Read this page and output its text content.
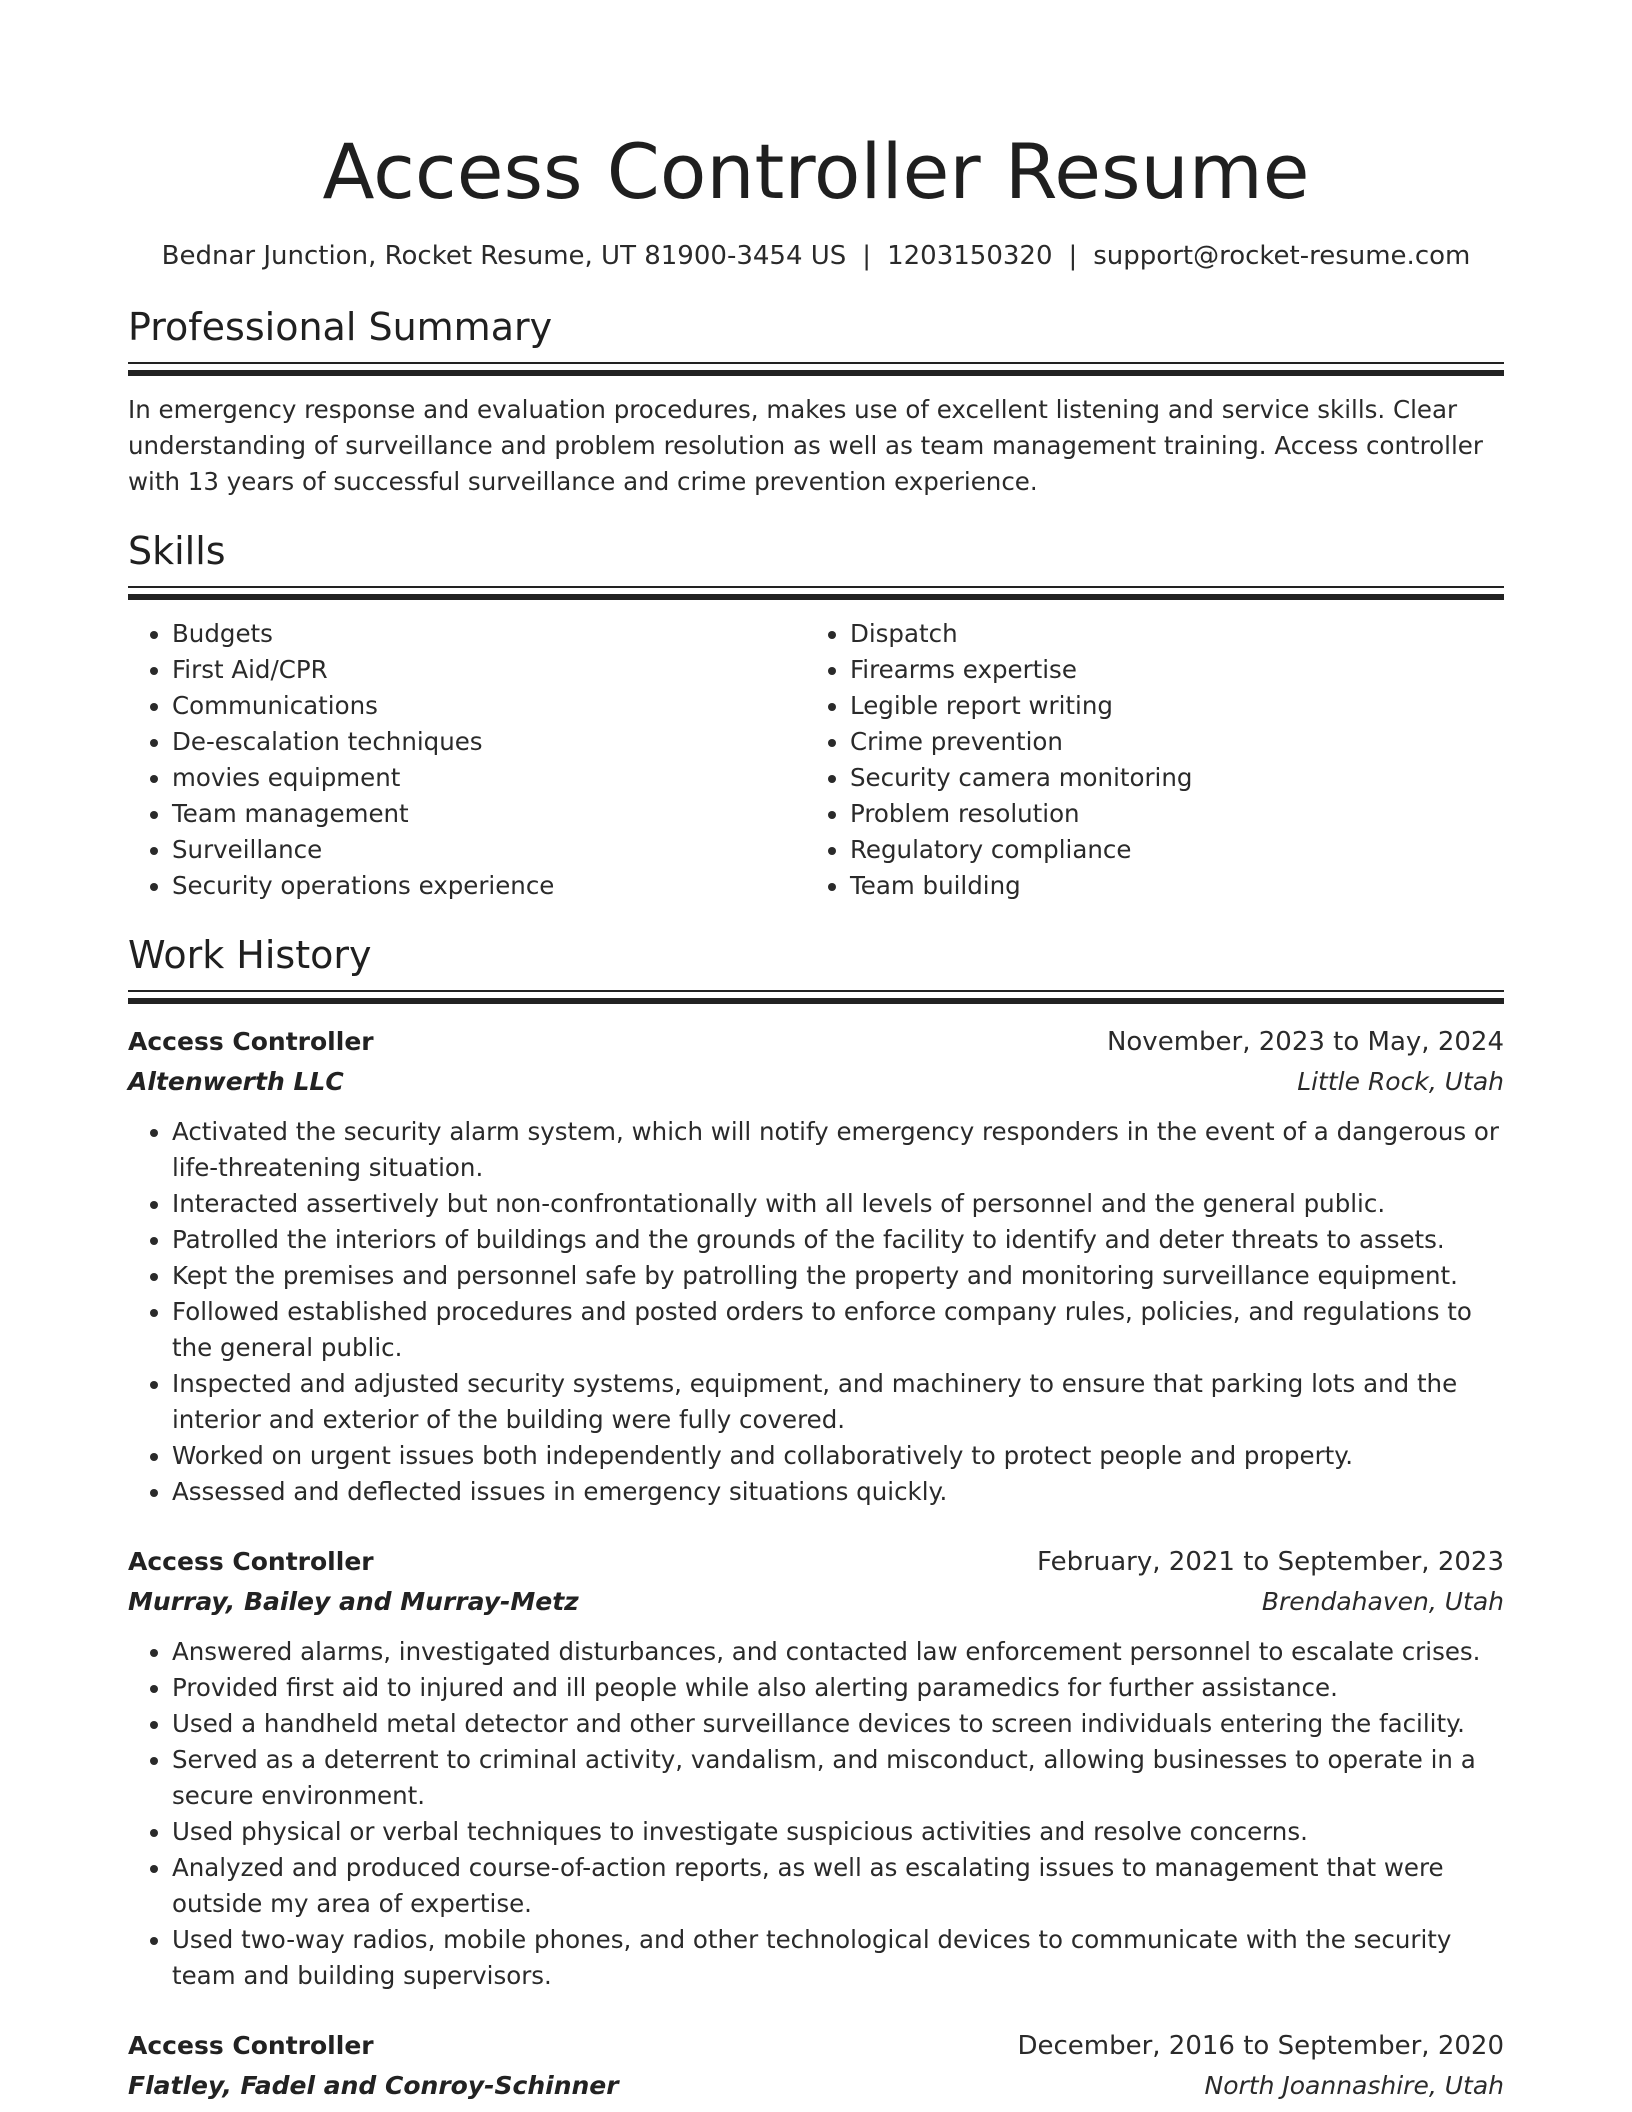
Access Controller Resume
Bednar Junction, Rocket Resume, UT 81900-3454 US | 1203150320 | support@rocket-resume.com
Professional Summary

In emergency response and evaluation procedures, makes use of excellent listening and service skills. Clear understanding of surveillance and problem resolution as well as team management training. Access controller with 13 years of successful surveillance and crime prevention experience.

Skills
• Budgets
• First Aid/CPR
• Communications
• De-escalation techniques
• movies equipment
• Team management
• Surveillance
• Security operations experience
• Dispatch
• Firearms expertise
• Legible report writing
• Crime prevention
• Security camera monitoring
• Problem resolution
• Regulatory compliance
• Team building
Work History
Access Controller	November, 2023 to May, 2024
Altenwerth LLC	Little Rock, Utah
• Activated the security alarm system, which will notify emergency responders in the event of a dangerous or life-threatening situation.
• Interacted assertively but non-confrontationally with all levels of personnel and the general public.
• Patrolled the interiors of buildings and the grounds of the facility to identify and deter threats to assets.
• Kept the premises and personnel safe by patrolling the property and monitoring surveillance equipment.
• Followed established procedures and posted orders to enforce company rules, policies, and regulations to the general public.
• Inspected and adjusted security systems, equipment, and machinery to ensure that parking lots and the interior and exterior of the building were fully covered.
• Worked on urgent issues both independently and collaboratively to protect people and property.
• Assessed and deflected issues in emergency situations quickly.
Access Controller	February, 2021 to September, 2023
Murray, Bailey and Murray-Metz	Brendahaven, Utah
• Answered alarms, investigated disturbances, and contacted law enforcement personnel to escalate crises.
• Provided first aid to injured and ill people while also alerting paramedics for further assistance.
• Used a handheld metal detector and other surveillance devices to screen individuals entering the facility.
• Served as a deterrent to criminal activity, vandalism, and misconduct, allowing businesses to operate in a secure environment.
• Used physical or verbal techniques to investigate suspicious activities and resolve concerns.
• Analyzed and produced course-of-action reports, as well as escalating issues to management that were outside my area of expertise.
• Used two-way radios, mobile phones, and other technological devices to communicate with the security team and building supervisors.
Access Controller	December, 2016 to September, 2020
Flatley, Fadel and Conroy-Schinner	North Joannashire, Utah
